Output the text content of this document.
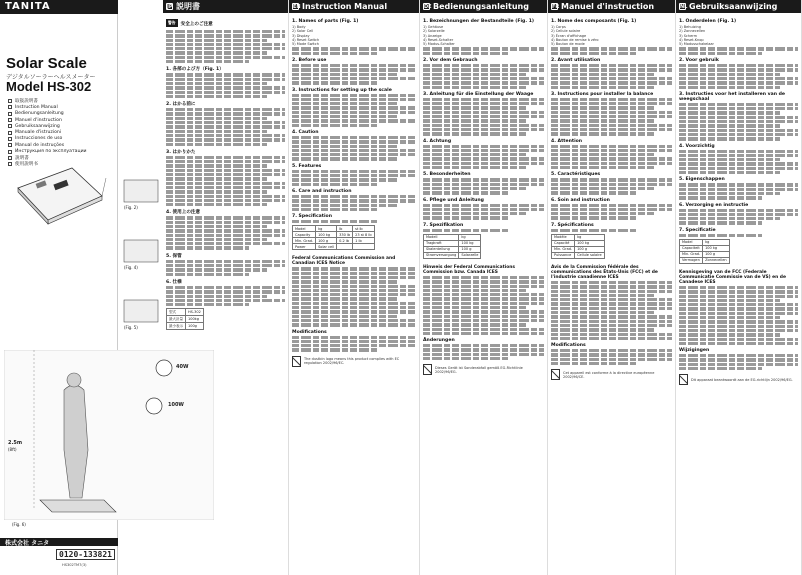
TANITA
Solar Scale
デジタルソーラーヘルスメーター
Model HS-302
取扱説明書
Instruction Manual
Bedienungsanleitung
Manuel d'instruction
Gebruiksaanwijzing
Manuale d'istruzioni
Instrucciones de uso
Manual de instruções
Инструкция по эксплуатации
說明書
使用說明书
株式会社 タニタ
0120-133821
HS302TM7(3)
(Fig. 2)
(Fig. 4)
(Fig. 5)
40W
100W
2.5m
(8ft)
(Fig. 6)
JP 説明書
警告	安全上のご注意
1. 各部のよび方（Fig. 1）
2. はかる前に
3. はかりかた
4. 使用上の注意
5. 保管
6. 仕様
型式	HS-302
最大計量	100kg
最小表示	100g
EN Instruction Manual
1. Names of parts (Fig. 1)
1) Body
2) Solar Cell
3) Display
4) Reset Switch
5) Mode Switch
2. Before use
3. Instructions for setting up the scale
4. Caution
5. Features
6. Care and instruction
7. Specification
Model	kg	lb	st lb
Capacity	100 kg	330 lb	23 st 8 lb
Min. Grad.	100 g	0.2 lb	1 lb
Power	Solar cell		
Federal Communications Commission and Canadian ICES Notice
Modifications
The dustbin logo means this product complies with EC regulation 2002/96/EC.
DE Bedienungsanleitung
1. Bezeichnungen der Bestandteile (Fig. 1)
1) Gehäuse
2) Solarzelle
3) Anzeige
4) Reset-Schalter
5) Modus-Schalter
2. Vor dem Gebrauch
3. Anleitung für die Einstellung der Waage
4. Achtung
5. Besonderheiten
6. Pflege und Anleitung
7. Spezifikation
Modell	kg
Tragkraft	100 kg
Skalenteilung	100 g
Stromversorgung	Solarzelle
Hinweis der Federal Communications Commission bzw. Canada ICES
Änderungen
Dieses Gerät ist Sonderabfall gemäß EG-Richtlinie 2002/96/EG.
FR Manuel d'instruction
1. Nome des composants (Fig. 1)
1) Corps
2) Cellule solaire
3) Écran d'affichage
4) Bouton de remise à zéro
5) Bouton de mode
2. Avant utilisation
3. Instructions pour installer la balance
4. Attention
5. Caractéristiques
6. Soin and instruction
7. Spécifications
Modèle	kg
Capacité	100 kg
Min. Grad.	100 g
Puissance	Cellule solaire
Avis de la Commission fédérale des communications des États-Unis (FCC) et de l'industrie canadienne ICES
Modifications
Cet appareil est conforme à la directive européenne 2002/96/CE.
NL Gebruiksaanwijzing
1. Onderdelen (Fig. 1)
1) Behuizing
2) Zonnecellen
3) Scherm
4) Reset-Knop
5) Modusschakelaar
2. Voor gebruik
3. Instructies voor het installeren van de weegschaal
4. Voorzichtig
5. Eigenschappen
6. Verzorging en instructie
7. Specificatie
Model	kg
Capaciteit	100 kg
Min. Grad.	100 g
Vermogen	Zonnecellen
Kennisgeving van de FCC (Federale Communicatie Commissie van de VS) en de Canadese ICES
Wijzigingen
Dit apparaat beantwoordt aan de EG-richtlijn 2002/96/EG.
